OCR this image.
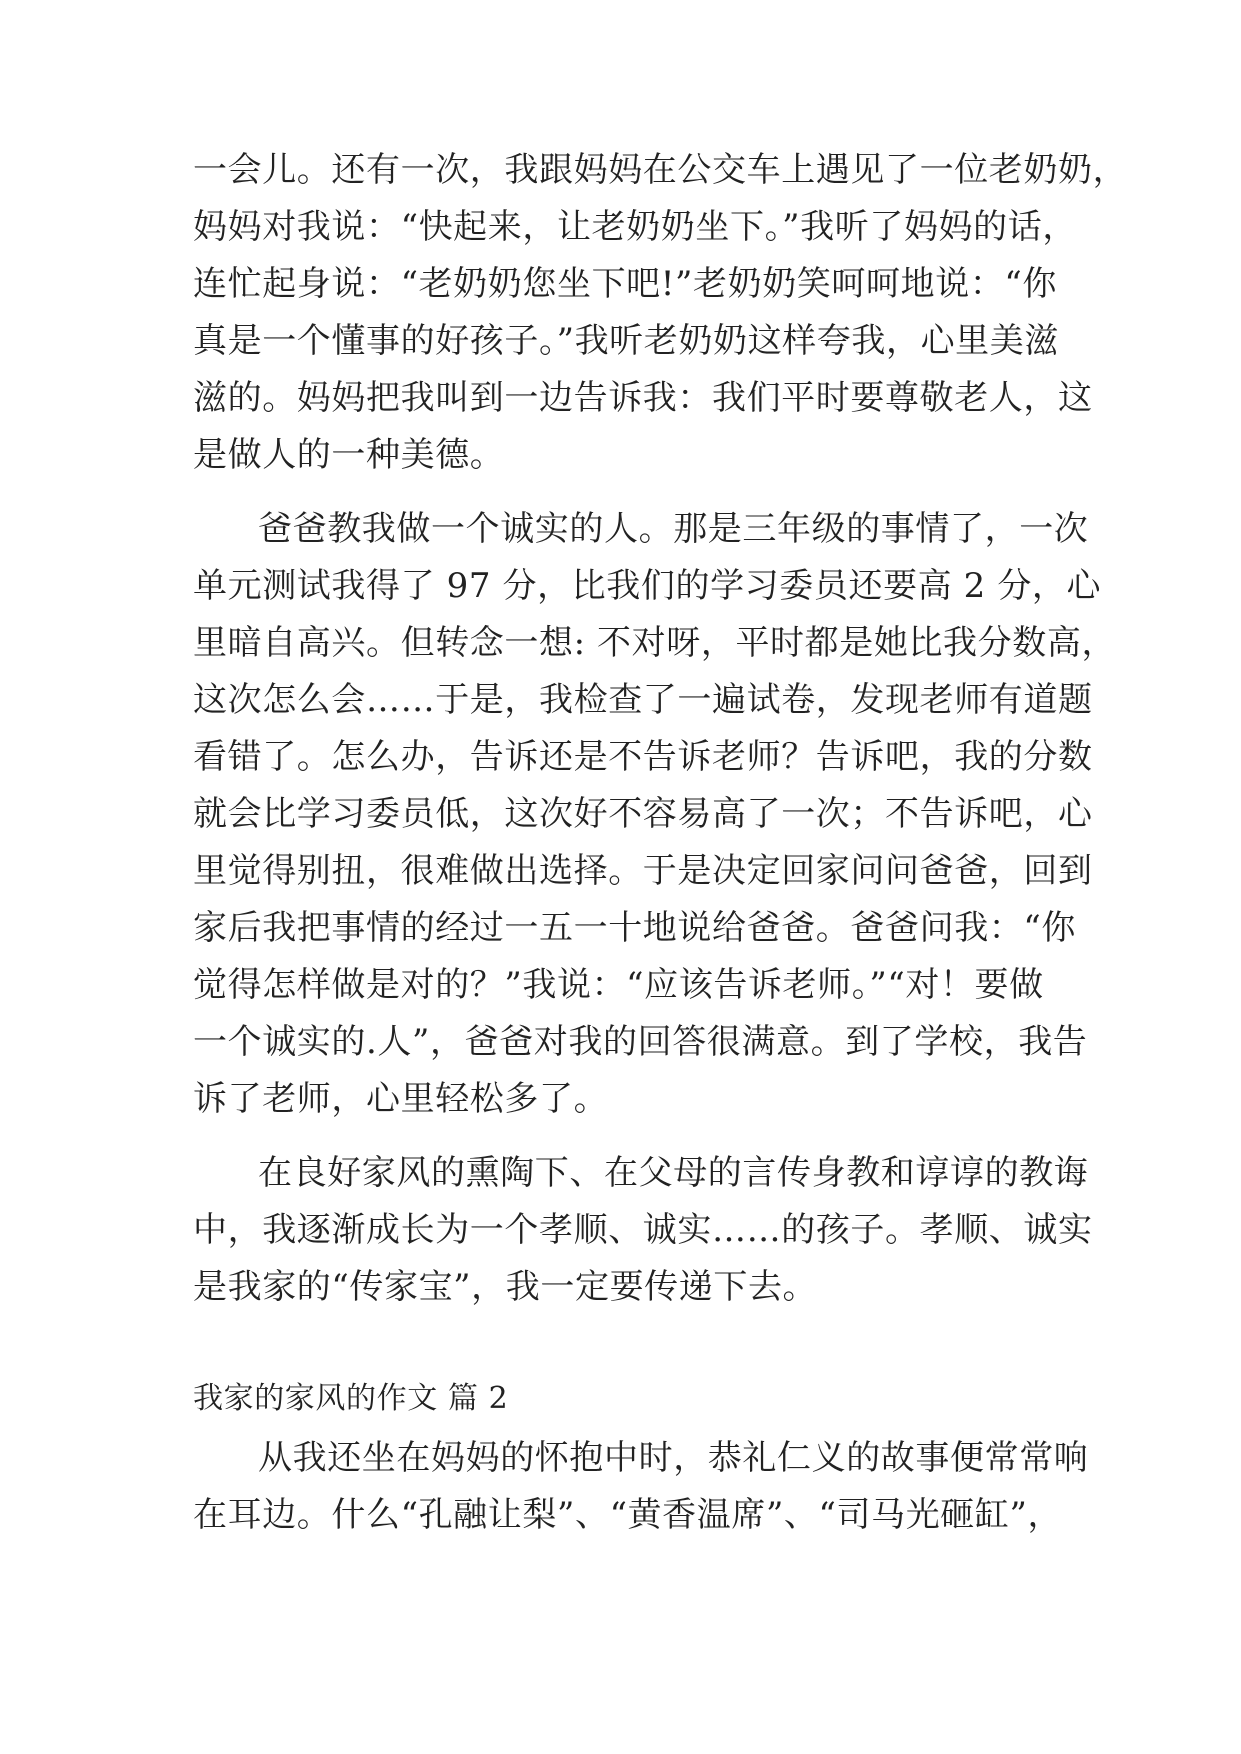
一会儿。还有一次，我跟妈妈在公交车上遇见了一位老奶奶，
妈妈对我说：“快起来，让老奶奶坐下。”我听了妈妈的话，
连忙起身说：“老奶奶您坐下吧!”老奶奶笑呵呵地说：“你
真是一个懂事的好孩子。”我听老奶奶这样夸我，心里美滋
滋的。妈妈把我叫到一边告诉我：我们平时要尊敬老人，这
是做人的一种美德。
爸爸教我做一个诚实的人。那是三年级的事情了，一次
单元测试我得了 97 分，比我们的学习委员还要高 2 分，心
里暗自高兴。但转念一想: 不对呀，平时都是她比我分数高，
这次怎么会……于是，我检查了一遍试卷，发现老师有道题
看错了。怎么办，告诉还是不告诉老师？告诉吧，我的分数
就会比学习委员低，这次好不容易高了一次；不告诉吧，心
里觉得别扭，很难做出选择。于是决定回家问问爸爸，回到
家后我把事情的经过一五一十地说给爸爸。爸爸问我：“你
觉得怎样做是对的？”我说：“应该告诉老师。”“对！要做
一个诚实的.人”，爸爸对我的回答很满意。到了学校，我告
诉了老师，心里轻松多了。
在良好家风的熏陶下、在父母的言传身教和谆谆的教诲
中，我逐渐成长为一个孝顺、诚实……的孩子。孝顺、诚实
是我家的“传家宝”，我一定要传递下去。
我家的家风的作文 篇 2
从我还坐在妈妈的怀抱中时，恭礼仁义的故事便常常响
在耳边。什么“孔融让梨”、“黄香温席”、“司马光砸缸”，
